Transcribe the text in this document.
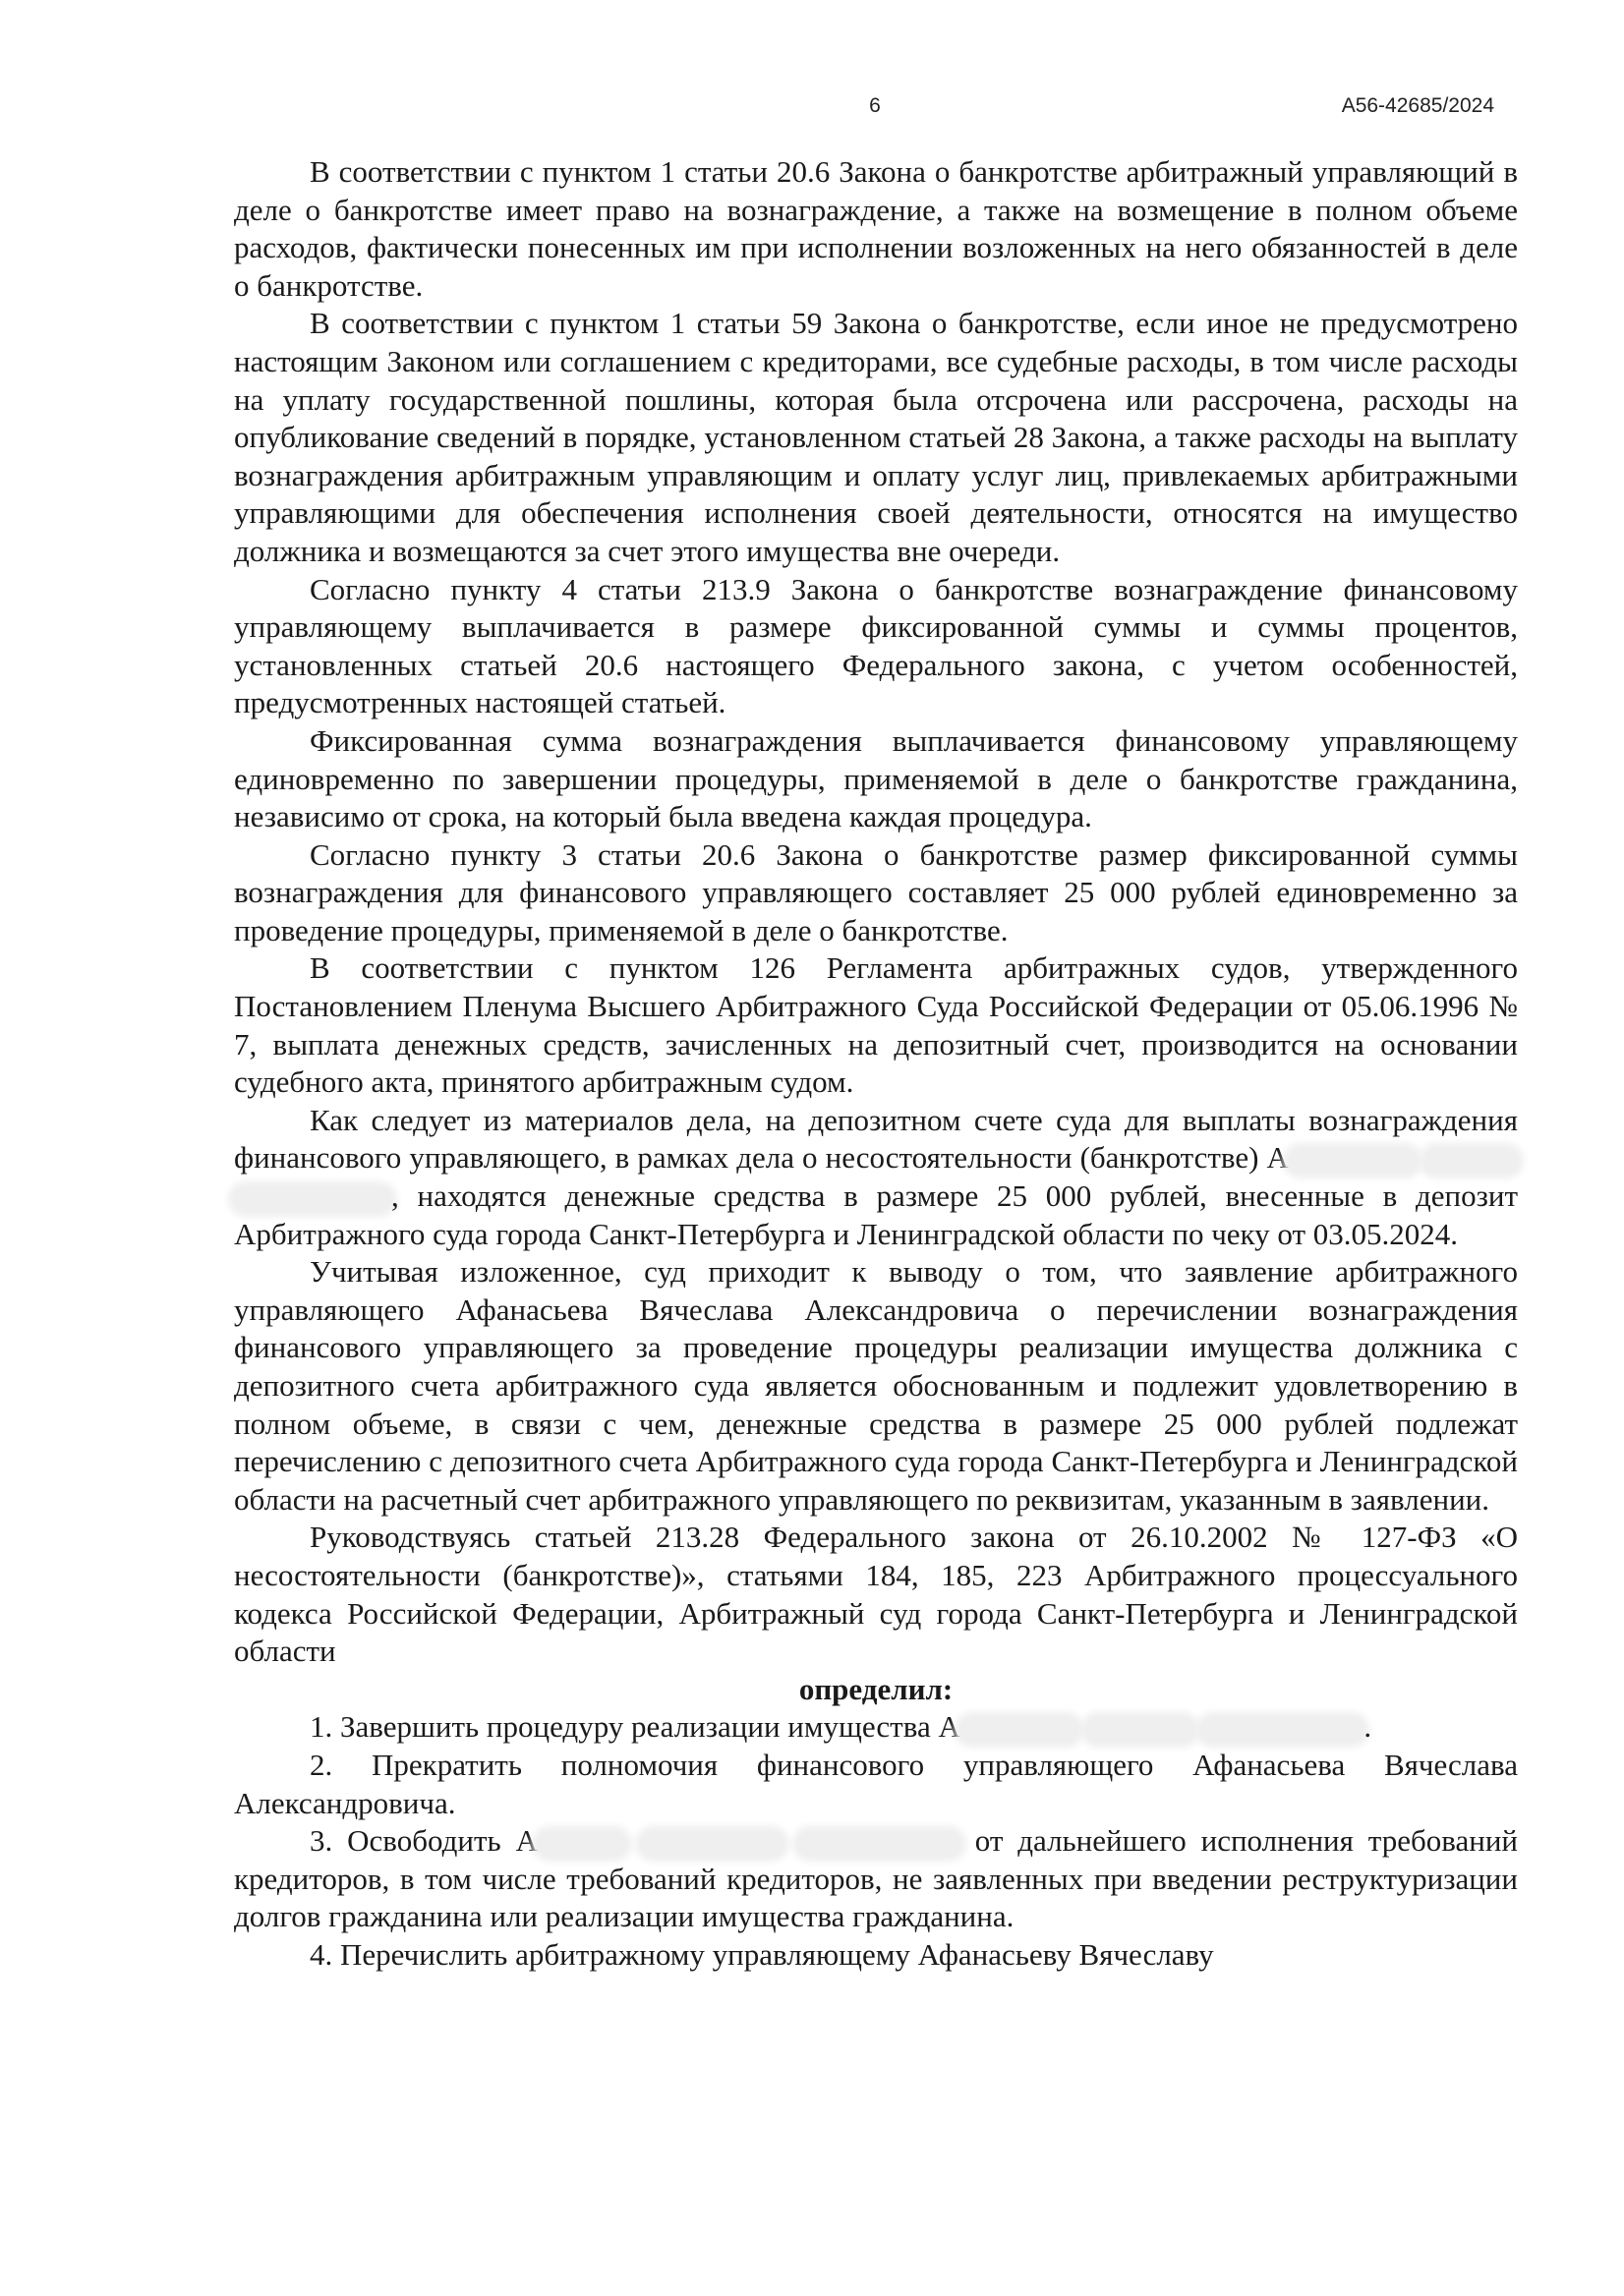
6	А56-42685/2024

В соответствии с пунктом 1 статьи 20.6 Закона о банкротстве арбитражный управляющий в деле о банкротстве имеет право на вознаграждение, а также на возмещение в полном объеме расходов, фактически понесенных им при исполнении возложенных на него обязанностей в деле о банкротстве.

В соответствии с пунктом 1 статьи 59 Закона о банкротстве, если иное не предусмотрено настоящим Законом или соглашением с кредиторами, все судебные расходы, в том числе расходы на уплату государственной пошлины, которая была отсрочена или рассрочена, расходы на опубликование сведений в порядке, установленном статьей 28 Закона, а также расходы на выплату вознаграждения арбитражным управляющим и оплату услуг лиц, привлекаемых арбитражными управляющими для обеспечения исполнения своей деятельности, относятся на имущество должника и возмещаются за счет этого имущества вне очереди.

Согласно пункту 4 статьи 213.9 Закона о банкротстве вознаграждение финансовому управляющему выплачивается в размере фиксированной суммы и суммы процентов, установленных статьей 20.6 настоящего Федерального закона, с учетом особенностей, предусмотренных настоящей статьей.

Фиксированная сумма вознаграждения выплачивается финансовому управляющему единовременно по завершении процедуры, применяемой в деле о банкротстве гражданина, независимо от срока, на который была введена каждая процедура.

Согласно пункту 3 статьи 20.6 Закона о банкротстве размер фиксированной суммы вознаграждения для финансового управляющего составляет 25 000 рублей единовременно за проведение процедуры, применяемой в деле о банкротстве.

В соответствии с пунктом 126 Регламента арбитражных судов, утвержденного Постановлением Пленума Высшего Арбитражного Суда Российской Федерации от 05.06.1996 № 7, выплата денежных средств, зачисленных на депозитный счет, производится на основании судебного акта, принятого арбитражным судом.

Как следует из материалов дела, на депозитном счете суда для выплаты вознаграждения финансового управляющего, в рамках дела о несостоятельности (банкротстве) А  , находятся денежные средства в размере 25 000 рублей, внесенные в депозит Арбитражного суда города Санкт-Петербурга и Ленинградской области по чеку от 03.05.2024.

Учитывая изложенное, суд приходит к выводу о том, что заявление арбитражного управляющего Афанасьева Вячеслава Александровича о перечислении вознаграждения финансового управляющего за проведение процедуры реализации имущества должника с депозитного счета арбитражного суда является обоснованным и подлежит удовлетворению в полном объеме, в связи с чем, денежные средства в размере 25 000 рублей подлежат перечислению с депозитного счета Арбитражного суда города Санкт-Петербурга и Ленинградской области на расчетный счет арбитражного управляющего по реквизитам, указанным в заявлении.

Руководствуясь статьей 213.28 Федерального закона от 26.10.2002 № 127-ФЗ «О несостоятельности (банкротстве)», статьями 184, 185, 223 Арбитражного процессуального кодекса Российской Федерации, Арбитражный суд города Санкт-Петербурга и Ленинградской области

определил:

1. Завершить процедуру реализации имущества А	.

2. Прекратить полномочия финансового управляющего Афанасьева Вячеслава Александровича.

3. Освободить А	от дальнейшего исполнения требований кредиторов, в том числе требований кредиторов, не заявленных при введении реструктуризации долгов гражданина или реализации имущества гражданина.

4. Перечислить арбитражному управляющему Афанасьеву Вячеславу
